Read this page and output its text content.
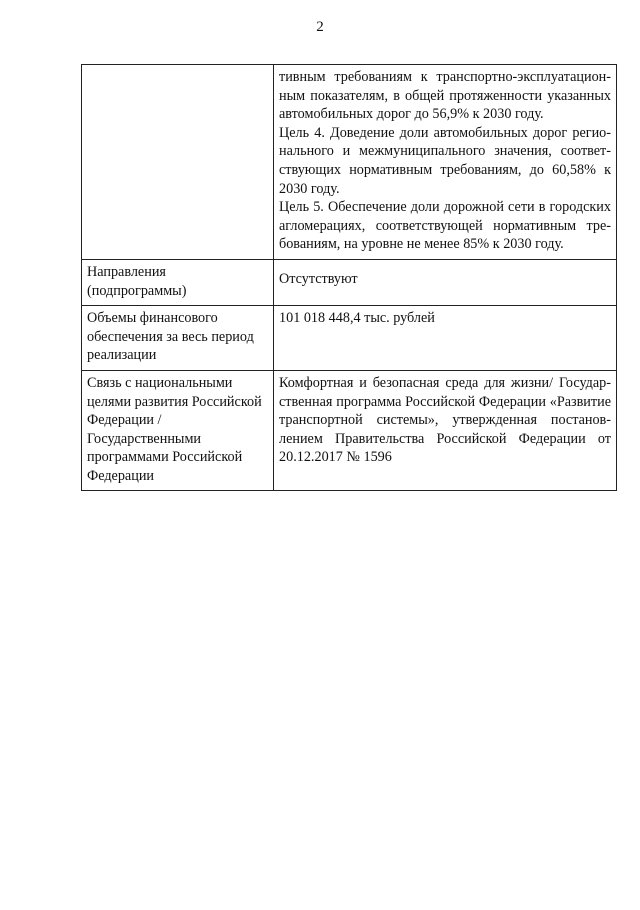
2

	тивным требованиям к транспортно-эксплуатационным показателям, в общей протяженности указанных автомобильных дорог до 56,9% к 2030 году.
Цель 4. Доведение доли автомобильных дорог регионального и межмуниципального значения, соответствующих нормативным требованиям, до 60,58% к 2030 году.
Цель 5. Обеспечение доли дорожной сети в городских агломерациях, соответствующей нормативным требованиям, на уровне не менее 85% к 2030 году.

Направления (подпрограммы)	Отсутствуют
Объемы финансового обеспечения за весь период реализации	101 018 448,4 тыс. рублей
Связь с национальными целями развития Российской Федерации / Государственными программами Российской Федерации	Комфортная и безопасная среда для жизни/ Государственная программа Российской Федерации «Развитие транспортной системы», утвержденная постановлением Правительства Российской Федерации от 20.12.2017 № 1596
